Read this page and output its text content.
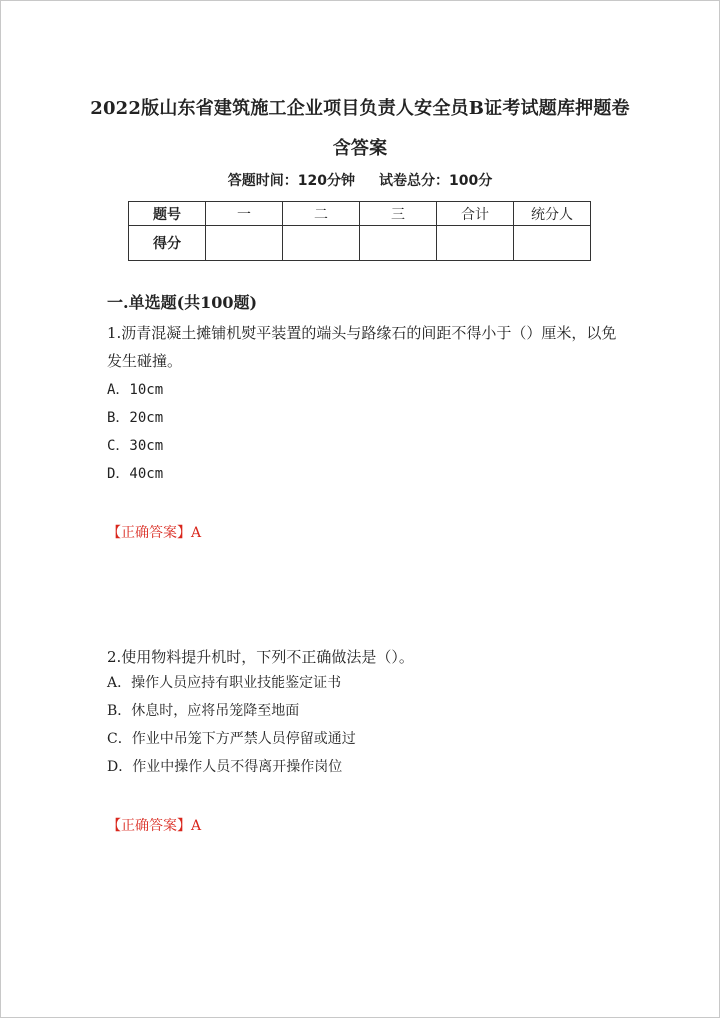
2022版山东省建筑施工企业项目负责人安全员B证考试题库押题卷
含答案
答题时间：120分钟 试卷总分：100分
题号	一	二	三	合计	统分人
得分					
一.单选题(共100题)
1.沥青混凝土摊铺机熨平装置的端头与路缘石的间距不得小于（）厘米，以免发生碰撞。
A．10cm
B．20cm
C．30cm
D．40cm
【正确答案】A
2.使用物料提升机时，下列不正确做法是（）。
A．操作人员应持有职业技能鉴定证书
B．休息时，应将吊笼降至地面
C．作业中吊笼下方严禁人员停留或通过
D．作业中操作人员不得离开操作岗位
【正确答案】A
